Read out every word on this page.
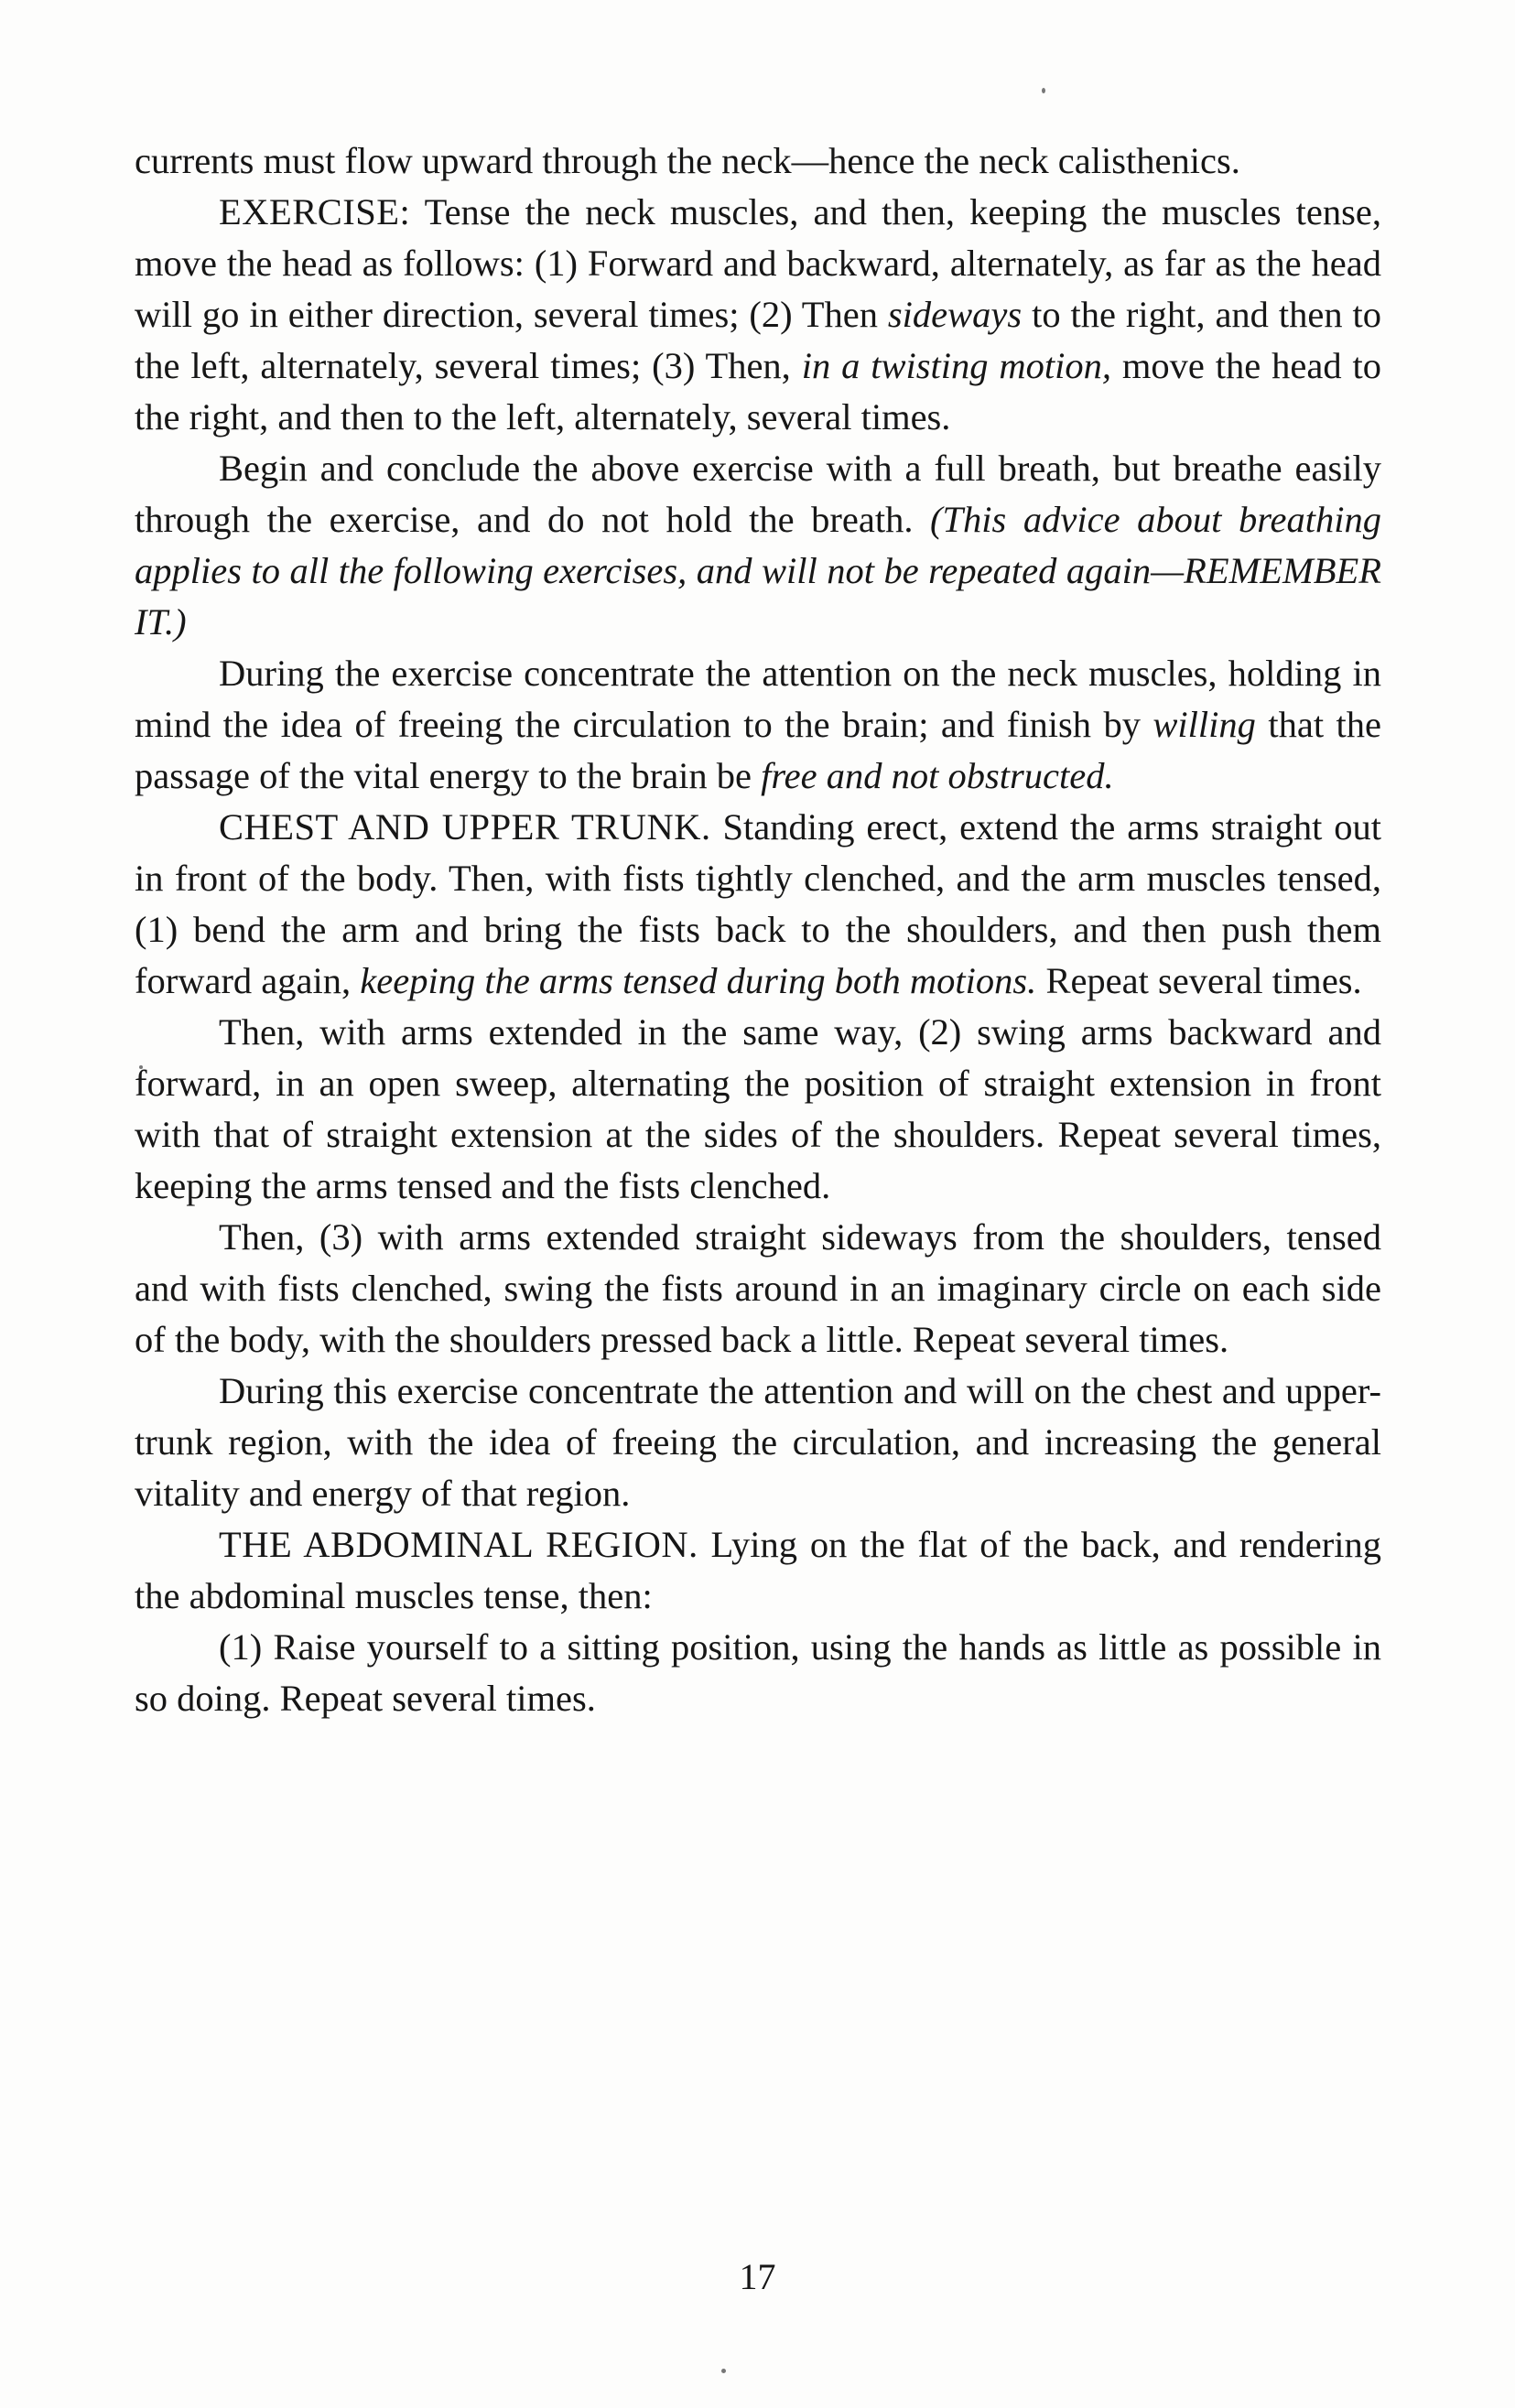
currents must flow upward through the neck—hence the neck calisthenics.

EXERCISE: Tense the neck muscles, and then, keeping the muscles tense, move the head as follows: (1) Forward and backward, alternately, as far as the head will go in either direction, several times; (2) Then sideways to the right, and then to the left, alternately, several times; (3) Then, in a twisting motion, move the head to the right, and then to the left, alternately, several times.

Begin and conclude the above exercise with a full breath, but breathe easily through the exercise, and do not hold the breath. (This advice about breathing applies to all the following exercises, and will not be repeated again—REMEMBER IT.)

During the exercise concentrate the attention on the neck muscles, holding in mind the idea of freeing the circulation to the brain; and finish by willing that the passage of the vital energy to the brain be free and not obstructed.

CHEST AND UPPER TRUNK. Standing erect, extend the arms straight out in front of the body. Then, with fists tightly clenched, and the arm muscles tensed, (1) bend the arm and bring the fists back to the shoulders, and then push them forward again, keeping the arms tensed during both motions. Repeat several times.

Then, with arms extended in the same way, (2) swing arms backward and forward, in an open sweep, alternating the position of straight extension in front with that of straight extension at the sides of the shoulders. Repeat several times, keeping the arms tensed and the fists clenched.

Then, (3) with arms extended straight sideways from the shoulders, tensed and with fists clenched, swing the fists around in an imaginary circle on each side of the body, with the shoulders pressed back a little. Repeat several times.

During this exercise concentrate the attention and will on the chest and upper-trunk region, with the idea of freeing the circulation, and increasing the general vitality and energy of that region.

THE ABDOMINAL REGION. Lying on the flat of the back, and rendering the abdominal muscles tense, then:

(1) Raise yourself to a sitting position, using the hands as little as possible in so doing. Repeat several times.

17
